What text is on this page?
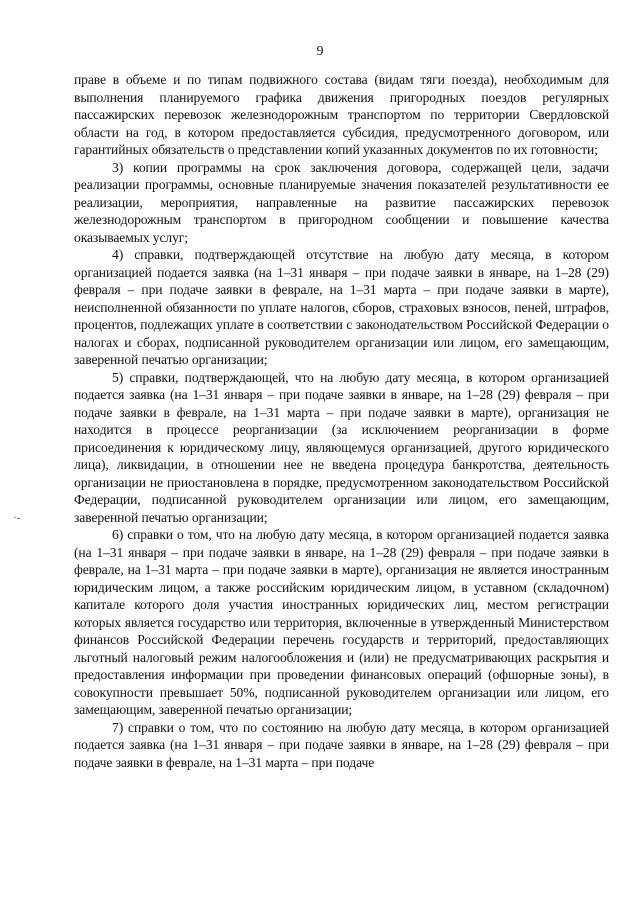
9
·-

праве в объеме и по типам подвижного состава (видам тяги поезда), необходимым для выполнения планируемого графика движения пригородных поездов регулярных пассажирских перевозок железнодорожным транспортом по территории Свердловской области на год, в котором предоставляется субсидия, предусмотренного договором, или гарантийных обязательств о представлении копий указанных документов по их готовности;

3) копии программы на срок заключения договора, содержащей цели, задачи реализации программы, основные планируемые значения показателей результативности ее реализации, мероприятия, направленные на развитие пассажирских перевозок железнодорожным транспортом в пригородном сообщении и повышение качества оказываемых услуг;

4) справки, подтверждающей отсутствие на любую дату месяца, в котором организацией подается заявка (на 1–31 января – при подаче заявки в январе, на 1–28 (29) февраля – при подаче заявки в феврале, на 1–31 марта – при подаче заявки в марте), неисполненной обязанности по уплате налогов, сборов, страховых взносов, пеней, штрафов, процентов, подлежащих уплате в соответствии с законодательством Российской Федерации о налогах и сборах, подписанной руководителем организации или лицом, его замещающим, заверенной печатью организации;

5) справки, подтверждающей, что на любую дату месяца, в котором организацией подается заявка (на 1–31 января – при подаче заявки в январе, на 1–28 (29) февраля – при подаче заявки в феврале, на 1–31 марта – при подаче заявки в марте), организация не находится в процессе реорганизации (за исключением реорганизации в форме присоединения к юридическому лицу, являющемуся организацией, другого юридического лица), ликвидации, в отношении нее не введена процедура банкротства, деятельность организации не приостановлена в порядке, предусмотренном законодательством Российской Федерации, подписанной руководителем организации или лицом, его замещающим, заверенной печатью организации;

6) справки о том, что на любую дату месяца, в котором организацией подается заявка (на 1–31 января – при подаче заявки в январе, на 1–28 (29) февраля – при подаче заявки в феврале, на 1–31 марта – при подаче заявки в марте), организация не является иностранным юридическим лицом, а также российским юридическим лицом, в уставном (складочном) капитале которого доля участия иностранных юридических лиц, местом регистрации которых является государство или территория, включенные в утвержденный Министерством финансов Российской Федерации перечень государств и территорий, предоставляющих льготный налоговый режим налогообложения и (или) не предусматривающих раскрытия и предоставления информации при проведении финансовых операций (офшорные зоны), в совокупности превышает 50%, подписанной руководителем организации или лицом, его замещающим, заверенной печатью организации;

7) справки о том, что по состоянию на любую дату месяца, в котором организацией подается заявка (на 1–31 января – при подаче заявки в январе, на 1–28 (29) февраля – при подаче заявки в феврале, на 1–31 марта – при подаче
